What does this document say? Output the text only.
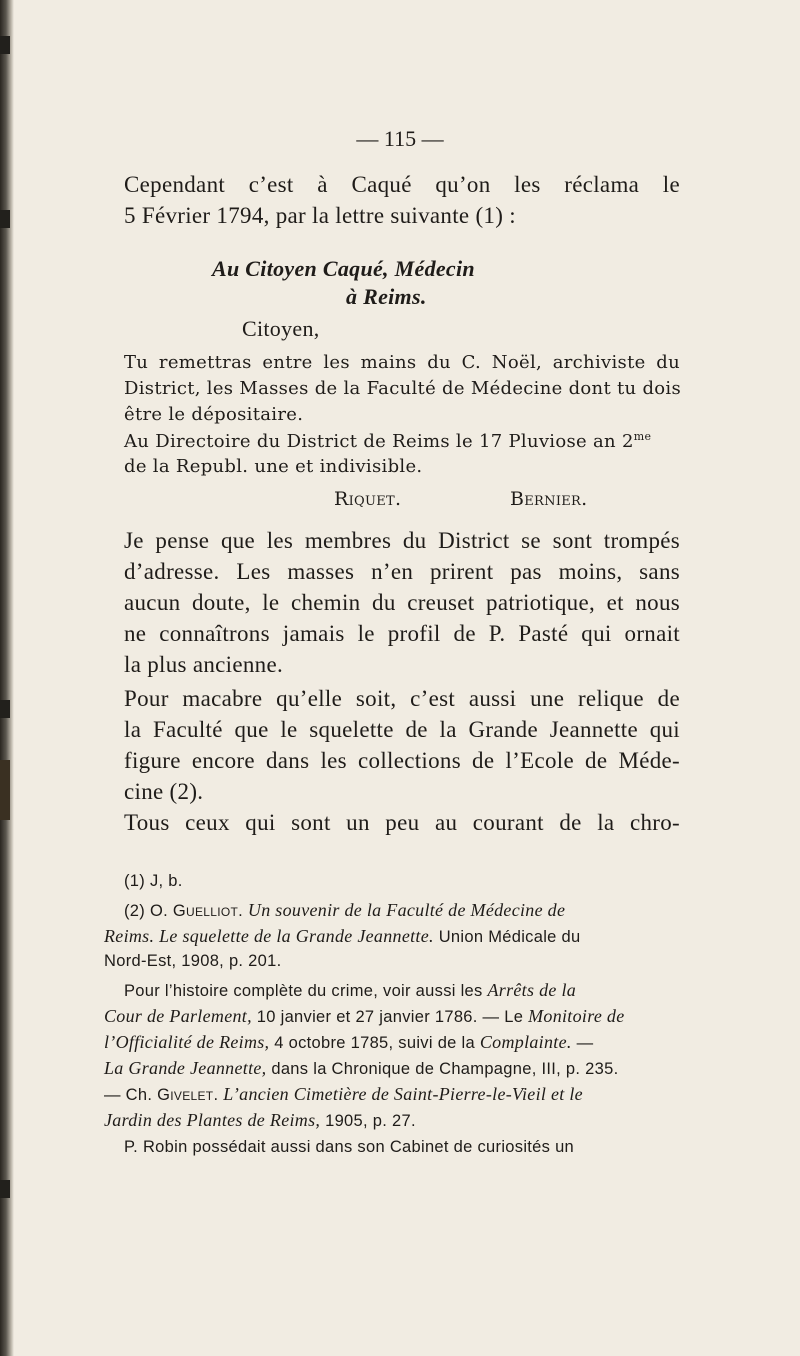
— 115 —
Cependant c’est à Caqué qu’on les réclama le
5 Février 1794, par la lettre suivante (1) :
Au Citoyen Caqué, Médecin
à Reims.
Citoyen,
Tu remettras entre les mains du C. Noël, archiviste du
District, les Masses de la Faculté de Médecine dont tu dois
être le dépositaire.
Au Directoire du District de Reims le 17 Pluviose an $2^{me}$
de la Republ. une et indivisible.
Riquet.	Bernier.
Je pense que les membres du District se sont trompés
d’adresse. Les masses n’en prirent pas moins, sans
aucun doute, le chemin du creuset patriotique, et nous
ne connaîtrons jamais le profil de P. Pasté qui ornait
la plus ancienne.
Pour macabre qu’elle soit, c’est aussi une relique de
la Faculté que le squelette de la Grande Jeannette qui
figure encore dans les collections de l’Ecole de Méde-
cine (2).
Tous ceux qui sont un peu au courant de la chro-
(1) J, b.
(2) O. Guelliot. Un souvenir de la Faculté de Médecine de
Reims. Le squelette de la Grande Jeannette. Union Médicale du
Nord-Est, 1908, p. 201.
Pour l’histoire complète du crime, voir aussi les Arrêts de la
Cour de Parlement, 10 janvier et 27 janvier 1786. — Le Monitoire de
l’Officialité de Reims, 4 octobre 1785, suivi de la Complainte. —
La Grande Jeannette, dans la Chronique de Champagne, III, p. 235.
— Ch. Givelet. L’ancien Cimetière de Saint-Pierre-le-Vieil et le
Jardin des Plantes de Reims, 1905, p. 27.
P. Robin possédait aussi dans son Cabinet de curiosités un
